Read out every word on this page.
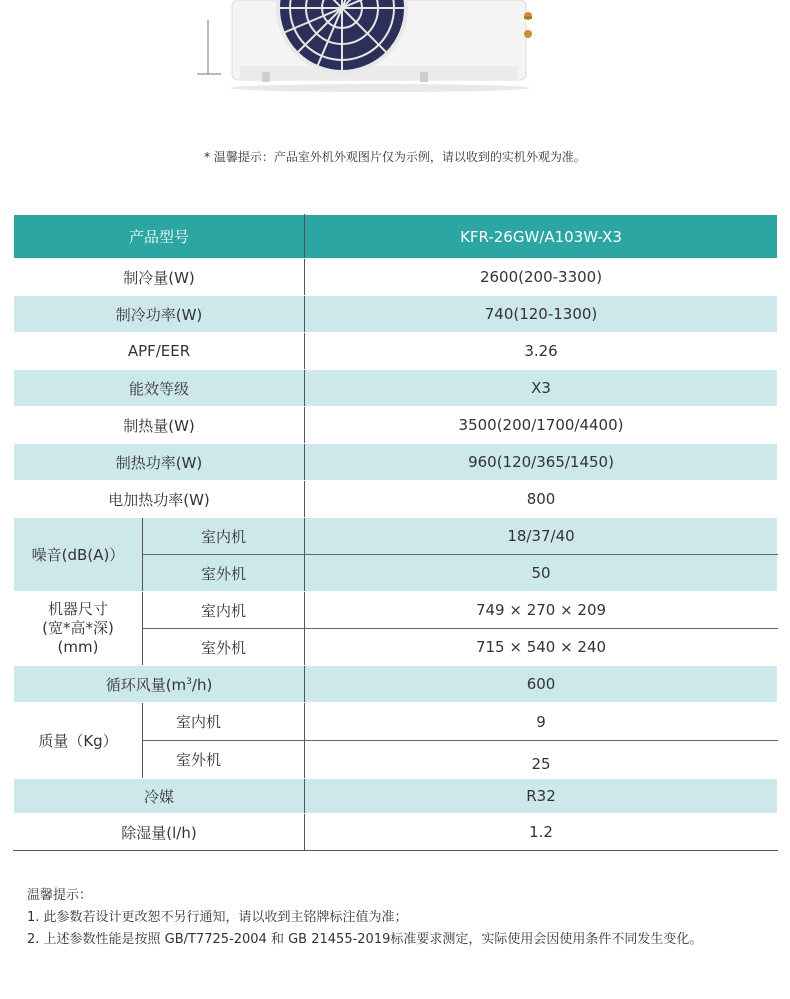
* 温馨提示：产品室外机外观图片仅为示例，请以收到的实机外观为准。
产品型号		KFR-26GW/A103W-X3
制冷量(W)		2600(200-3300)
制冷功率(W)		740(120-1300)
APF/EER		3.26
能效等级		X3
制热量(W)		3500(200/1700/4400)
制热功率(W)		960(120/365/1450)
电加热功率(W)		800
噪音(dB(A)）	室内机	18/37/40
	室外机	50

机器尺寸
(宽*高*深)
(mm)	室内机	749 × 270 × 209
	室外机	715 × 540 × 240
循环风量$(m^3/h)$		600
质量（Kg）	室内机	9
	室外机	25
冷媒		R32
除湿量(l/h)		1.2
温馨提示：
1. 此参数若设计更改恕不另行通知，请以收到主铭牌标注值为准；
2. 上述参数性能是按照 GB/T7725-2004 和 GB 21455-2019标准要求测定，实际使用会因使用条件不同发生变化。
